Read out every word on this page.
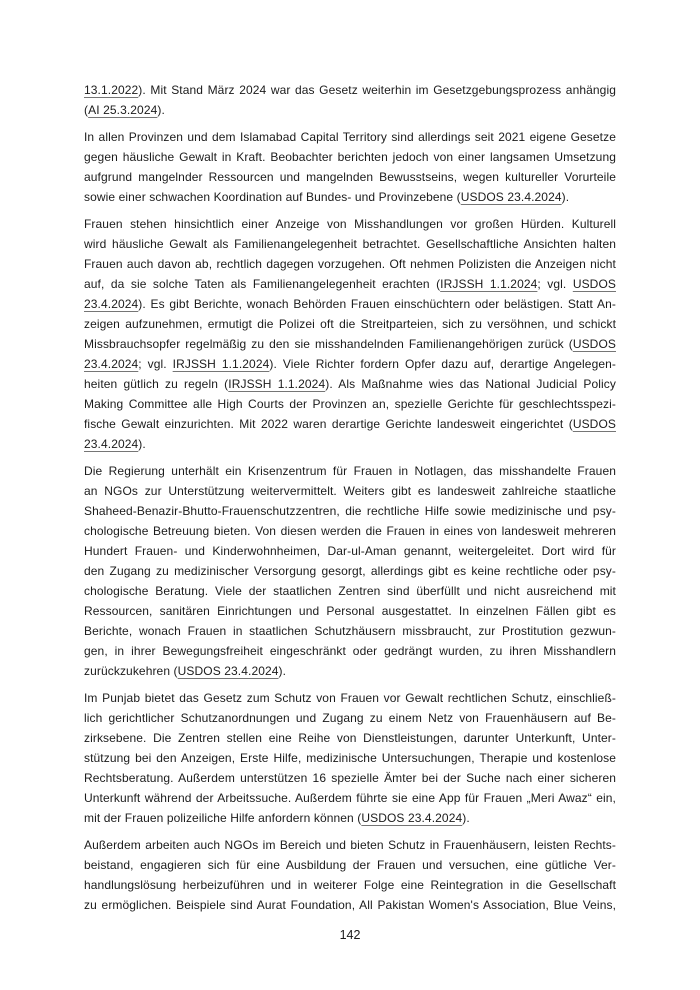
13.1.2022). Mit Stand März 2024 war das Gesetz weiterhin im Gesetzgebungsprozess anhängig
(AI 25.3.2024).
In allen Provinzen und dem Islamabad Capital Territory sind allerdings seit 2021 eigene Gesetze
gegen häusliche Gewalt in Kraft. Beobachter berichten jedoch von einer langsamen Umsetzung
aufgrund mangelnder Ressourcen und mangelnden Bewusstseins, wegen kultureller Vorurteile
sowie einer schwachen Koordination auf Bundes- und Provinzebene (USDOS 23.4.2024).
Frauen stehen hinsichtlich einer Anzeige von Misshandlungen vor großen Hürden. Kulturell
wird häusliche Gewalt als Familienangelegenheit betrachtet. Gesellschaftliche Ansichten halten
Frauen auch davon ab, rechtlich dagegen vorzugehen. Oft nehmen Polizisten die Anzeigen nicht
auf, da sie solche Taten als Familienangelegenheit erachten (IRJSSH 1.1.2024; vgl. USDOS
23.4.2024). Es gibt Berichte, wonach Behörden Frauen einschüchtern oder belästigen. Statt An-
zeigen aufzunehmen, ermutigt die Polizei oft die Streitparteien, sich zu versöhnen, und schickt
Missbrauchsopfer regelmäßig zu den sie misshandelnden Familienangehörigen zurück (USDOS
23.4.2024; vgl. IRJSSH 1.1.2024). Viele Richter fordern Opfer dazu auf, derartige Angelegen-
heiten gütlich zu regeln (IRJSSH 1.1.2024). Als Maßnahme wies das National Judicial Policy
Making Committee alle High Courts der Provinzen an, spezielle Gerichte für geschlechtsspezi-
fische Gewalt einzurichten. Mit 2022 waren derartige Gerichte landesweit eingerichtet (USDOS
23.4.2024).
Die Regierung unterhält ein Krisenzentrum für Frauen in Notlagen, das misshandelte Frauen
an NGOs zur Unterstützung weitervermittelt. Weiters gibt es landesweit zahlreiche staatliche
Shaheed-Benazir-Bhutto-Frauenschutzzentren, die rechtliche Hilfe sowie medizinische und psy-
chologische Betreuung bieten. Von diesen werden die Frauen in eines von landesweit mehreren
Hundert Frauen- und Kinderwohnheimen, Dar-ul-Aman genannt, weitergeleitet. Dort wird für
den Zugang zu medizinischer Versorgung gesorgt, allerdings gibt es keine rechtliche oder psy-
chologische Beratung. Viele der staatlichen Zentren sind überfüllt und nicht ausreichend mit
Ressourcen, sanitären Einrichtungen und Personal ausgestattet. In einzelnen Fällen gibt es
Berichte, wonach Frauen in staatlichen Schutzhäusern missbraucht, zur Prostitution gezwun-
gen, in ihrer Bewegungsfreiheit eingeschränkt oder gedrängt wurden, zu ihren Misshandlern
zurückzukehren (USDOS 23.4.2024).
Im Punjab bietet das Gesetz zum Schutz von Frauen vor Gewalt rechtlichen Schutz, einschließ-
lich gerichtlicher Schutzanordnungen und Zugang zu einem Netz von Frauenhäusern auf Be-
zirksebene. Die Zentren stellen eine Reihe von Dienstleistungen, darunter Unterkunft, Unter-
stützung bei den Anzeigen, Erste Hilfe, medizinische Untersuchungen, Therapie und kostenlose
Rechtsberatung. Außerdem unterstützen 16 spezielle Ämter bei der Suche nach einer sicheren
Unterkunft während der Arbeitssuche. Außerdem führte sie eine App für Frauen „Meri Awaz“ ein,
mit der Frauen polizeiliche Hilfe anfordern können (USDOS 23.4.2024).
Außerdem arbeiten auch NGOs im Bereich und bieten Schutz in Frauenhäusern, leisten Rechts-
beistand, engagieren sich für eine Ausbildung der Frauen und versuchen, eine gütliche Ver-
handlungslösung herbeizuführen und in weiterer Folge eine Reintegration in die Gesellschaft
zu ermöglichen. Beispiele sind Aurat Foundation, All Pakistan Women's Association, Blue Veins,
142
